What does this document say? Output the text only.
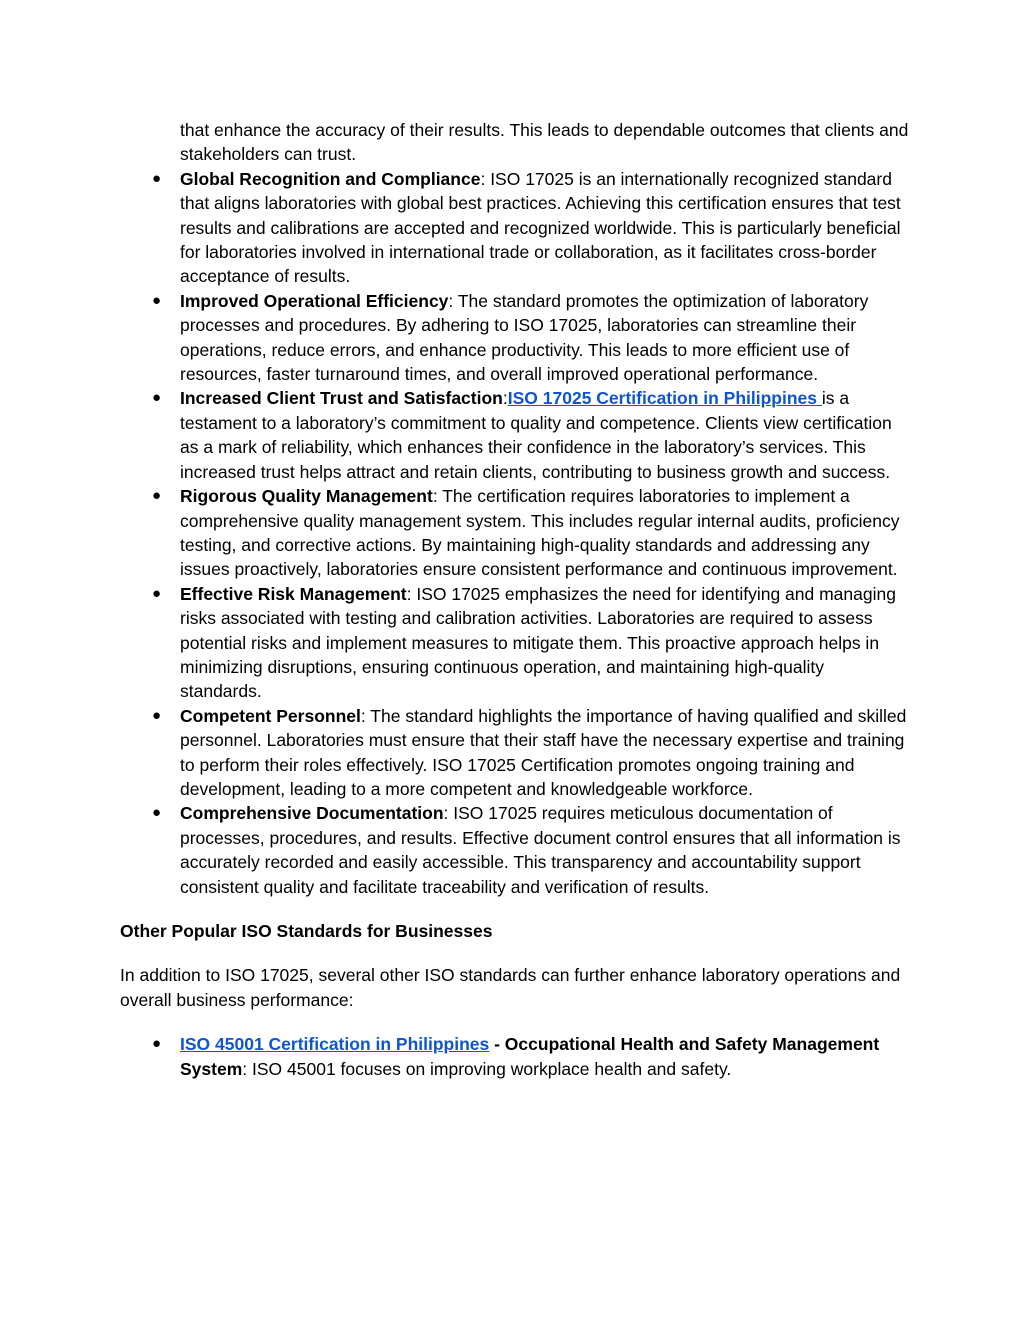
that enhance the accuracy of their results. This leads to dependable outcomes that clients and stakeholders can trust.
● Global Recognition and Compliance: ISO 17025 is an internationally recognized standard that aligns laboratories with global best practices. Achieving this certification ensures that test results and calibrations are accepted and recognized worldwide. This is particularly beneficial for laboratories involved in international trade or collaboration, as it facilitates cross-border acceptance of results.
● Improved Operational Efficiency: The standard promotes the optimization of laboratory processes and procedures. By adhering to ISO 17025, laboratories can streamline their operations, reduce errors, and enhance productivity. This leads to more efficient use of resources, faster turnaround times, and overall improved operational performance.
● Increased Client Trust and Satisfaction:ISO 17025 Certification in Philippines is a testament to a laboratory’s commitment to quality and competence. Clients view certification as a mark of reliability, which enhances their confidence in the laboratory’s services. This increased trust helps attract and retain clients, contributing to business growth and success.
● Rigorous Quality Management: The certification requires laboratories to implement a comprehensive quality management system. This includes regular internal audits, proficiency testing, and corrective actions. By maintaining high-quality standards and addressing any issues proactively, laboratories ensure consistent performance and continuous improvement.
● Effective Risk Management: ISO 17025 emphasizes the need for identifying and managing risks associated with testing and calibration activities. Laboratories are required to assess potential risks and implement measures to mitigate them. This proactive approach helps in minimizing disruptions, ensuring continuous operation, and maintaining high-quality standards.
● Competent Personnel: The standard highlights the importance of having qualified and skilled personnel. Laboratories must ensure that their staff have the necessary expertise and training to perform their roles effectively. ISO 17025 Certification promotes ongoing training and development, leading to a more competent and knowledgeable workforce.
● Comprehensive Documentation: ISO 17025 requires meticulous documentation of processes, procedures, and results. Effective document control ensures that all information is accurately recorded and easily accessible. This transparency and accountability support consistent quality and facilitate traceability and verification of results.
Other Popular ISO Standards for Businesses
In addition to ISO 17025, several other ISO standards can further enhance laboratory operations and overall business performance:
● ISO 45001 Certification in Philippines - Occupational Health and Safety Management System: ISO 45001 focuses on improving workplace health and safety.
